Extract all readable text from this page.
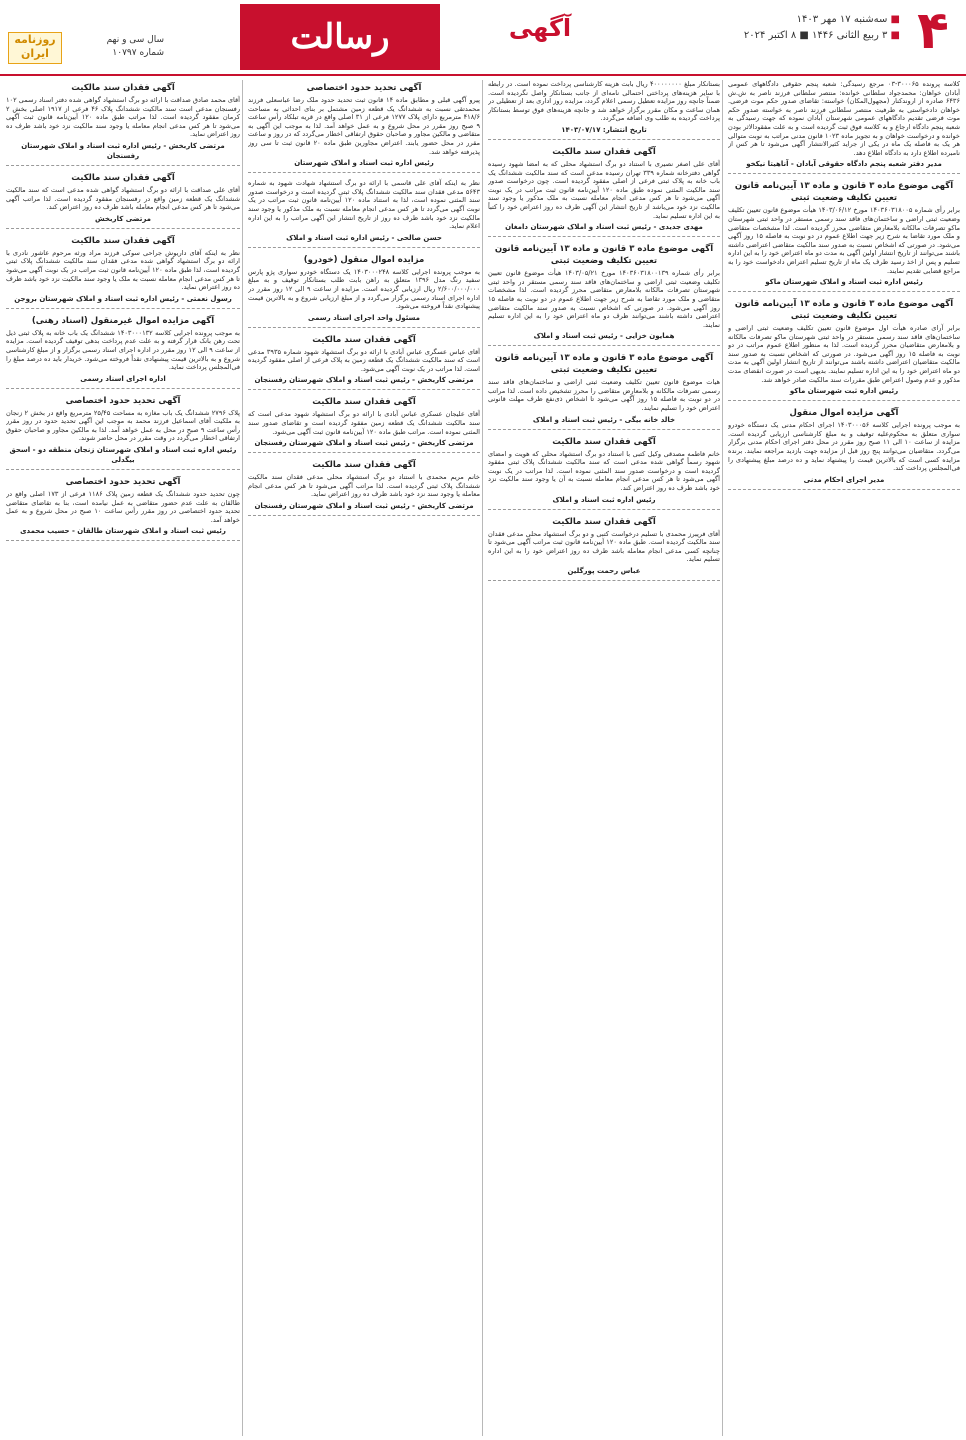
۴
■ سه‌شنبه ۱۷ مهر ۱۴۰۳
■ ۳ ربیع الثانی ۱۴۴۶ ■ ۸ اکتبر ۲۰۲۴
آگهی
رسالت
روزنامه ایران
سال سی و نهم
شماره ۱۰۷۹۷

کلاسه پرونده ۳۰۰۰۶۵-۰۳ مرجع رسیدگی: شعبه پنجم حقوقی دادگاههای عمومی آبادان خواهان: محمدجواد سلطانی خوانده: منتصر سلطانی فرزند ناصر به ش.ش ۶۴۳۶ صادره از اروندکنار (مجهول‌المکان) خواسته: تقاضای صدور حکم موت فرضی. خواهان دادخواستی به طرفیت منتصر سلطانی فرزند ناصر به خواسته صدور حکم موت فرضی تقدیم دادگاههای عمومی شهرستان آبادان نموده که جهت رسیدگی به شعبه پنجم دادگاه ارجاع و به کلاسه فوق ثبت گردیده است و به علت مفقودالاثر بودن خوانده و درخواست خواهان و به تجویز ماده ۱۰۲۳ قانون مدنی مراتب به نوبت متوالی هر یک به فاصله یک ماه در یکی از جراید کثیرالانتشار آگهی می‌شود تا هر کس از نامبرده اطلاع دارد به دادگاه اطلاع دهد.

مدیر دفتر شعبه پنجم دادگاه حقوقی آبادان - آناهیتا نیکخو
آگهی موضوع ماده ۳ قانون و ماده ۱۳ آیین‌نامه قانون تعیین تکلیف وضعیت ثبتی

برابر رأی شماره ۱۴۰۳۶۰۳۱۸۰۰۵ مورخ ۱۴۰۳/۰۶/۱۲ هیأت موضوع قانون تعیین تکلیف وضعیت ثبتی اراضی و ساختمان‌های فاقد سند رسمی مستقر در واحد ثبتی شهرستان ماکو تصرفات مالکانه بلامعارض متقاضی محرز گردیده است. لذا مشخصات متقاضی و ملک مورد تقاضا به شرح زیر جهت اطلاع عموم در دو نوبت به فاصله ۱۵ روز آگهی می‌شود. در صورتی که اشخاص نسبت به صدور سند مالکیت متقاضی اعتراضی داشته باشند می‌توانند از تاریخ انتشار اولین آگهی به مدت دو ماه اعتراض خود را به این اداره تسلیم و پس از اخذ رسید ظرف یک ماه از تاریخ تسلیم اعتراض دادخواست خود را به مراجع قضایی تقدیم نمایند.

رئیس اداره ثبت اسناد و املاک شهرستان ماکو
آگهی موضوع ماده ۳ قانون و ماده ۱۳ آیین‌نامه قانون تعیین تکلیف وضعیت ثبتی

برابر آرای صادره هیأت اول موضوع قانون تعیین تکلیف وضعیت ثبتی اراضی و ساختمان‌های فاقد سند رسمی مستقر در واحد ثبتی شهرستان ماکو تصرفات مالکانه و بلامعارض متقاضیان محرز گردیده است. لذا به منظور اطلاع عموم مراتب در دو نوبت به فاصله ۱۵ روز آگهی می‌شود. در صورتی که اشخاص نسبت به صدور سند مالکیت متقاضیان اعتراضی داشته باشند می‌توانند از تاریخ انتشار اولین آگهی به مدت دو ماه اعتراض خود را به این اداره تسلیم نمایند. بدیهی است در صورت انقضای مدت مذکور و عدم وصول اعتراض طبق مقررات سند مالکیت صادر خواهد شد.

رئیس اداره ثبت شهرستان ماکو
آگهی مزایده اموال منقول

به موجب پرونده اجرایی کلاسه ۱۴۰۳۰۰۰۵۶ اجرای احکام مدنی یک دستگاه خودرو سواری متعلق به محکوم‌علیه توقیف و به مبلغ کارشناسی ارزیابی گردیده است. مزایده از ساعت ۱۰ الی ۱۱ صبح روز مقرر در محل دفتر اجرای احکام مدنی برگزار می‌گردد. متقاضیان می‌توانند پنج روز قبل از مزایده جهت بازدید مراجعه نمایند. برنده مزایده کسی است که بالاترین قیمت را پیشنهاد نماید و ده درصد مبلغ پیشنهادی را فی‌المجلس پرداخت کند.

مدیر اجرای احکام مدنی

بستانکار مبلغ ۴۰۰۰۰۰۰۰۰ ریال بابت هزینه کارشناسی پرداخت نموده است. در رابطه با سایر هزینه‌های پرداختی احتمالی نامه‌ای از جانب بستانکار واصل نگردیده است. ضمناً جانچه روز مزایده تعطیل رسمی اعلام گردد، مزایده روز اداری بعد از تعطیلی در همان ساعت و مکان مقرر برگزار خواهد شد و جانچه هزینه‌های فوق توسط بستانکار پرداخت گردیده به طلب وی اضافه می‌گردد.

تاریخ انتشار: ۱۴۰۳/۰۷/۱۷
آگهی فقدان سند مالکیت

آقای علی اصغر نصیری با استناد دو برگ استشهاد محلی که به امضا شهود رسیده گواهی دفترخانه شماره ۳۳۹ تهران رسیده مدعی است که سند مالکیت ششدانگ یک باب خانه به پلاک ثبتی فرعی از اصلی مفقود گردیده است. چون درخواست صدور سند مالکیت المثنی نموده طبق ماده ۱۲۰ آیین‌نامه قانون ثبت مراتب در یک نوبت آگهی می‌شود تا هر کس مدعی انجام معامله نسبت به ملک مذکور یا وجود سند مالکیت نزد خود می‌باشد از تاریخ انتشار این آگهی ظرف ده روز اعتراض خود را کتباً به این اداره تسلیم نماید.

مهدی جدیدی - رئیس ثبت اسناد و املاک شهرستان دامغان
آگهی موضوع ماده ۳ قانون و ماده ۱۳ آیین‌نامه قانون تعیین تکلیف وضعیت ثبتی

برابر رأی شماره ۱۴۰۳۶۰۳۱۸۰۰۱۳۹ مورخ ۱۴۰۳/۰۵/۲۱ هیأت موضوع قانون تعیین تکلیف وضعیت ثبتی اراضی و ساختمان‌های فاقد سند رسمی مستقر در واحد ثبتی شهرستان تصرفات مالکانه بلامعارض متقاضی محرز گردیده است. لذا مشخصات متقاضی و ملک مورد تقاضا به شرح زیر جهت اطلاع عموم در دو نوبت به فاصله ۱۵ روز آگهی می‌شود. در صورتی که اشخاص نسبت به صدور سند مالکیت متقاضی اعتراضی داشته باشند می‌توانند ظرف دو ماه اعتراض خود را به این اداره تسلیم نمایند.

همایون خزایی - رئیس ثبت اسناد و املاک
آگهی موضوع ماده ۳ قانون و ماده ۱۳ آیین‌نامه قانون تعیین تکلیف وضعیت ثبتی

هیات موضوع قانون تعیین تکلیف وضعیت ثبتی اراضی و ساختمان‌های فاقد سند رسمی تصرفات مالکانه و بلامعارض متقاضی را محرز تشخیص داده است. لذا مراتب در دو نوبت به فاصله ۱۵ روز آگهی می‌شود تا اشخاص ذی‌نفع ظرف مهلت قانونی اعتراض خود را تسلیم نمایند.

خالد خانه بیگی - رئیس ثبت اسناد و املاک
آگهی فقدان سند مالکیت

خانم فاطمه مصدقی وکیل کتبی با استناد دو برگ استشهاد محلی که هویت و امضای شهود رسماً گواهی شده مدعی است که سند مالکیت ششدانگ پلاک ثبتی مفقود گردیده است و درخواست صدور سند المثنی نموده است. لذا مراتب در یک نوبت آگهی می‌شود تا هر کس مدعی انجام معامله نسبت به آن یا وجود سند مالکیت نزد خود باشد ظرف ده روز اعتراض کند.

رئیس اداره ثبت اسناد و املاک
آگهی فقدان سند مالکیت

آقای فریبرز محمدی با تسلیم درخواست کتبی و دو برگ استشهاد محلی مدعی فقدان سند مالکیت گردیده است. طبق ماده ۱۲۰ آیین‌نامه قانون ثبت مراتب آگهی می‌شود تا چنانچه کسی مدعی انجام معامله باشد ظرف ده روز اعتراض خود را به این اداره تسلیم نماید.

عباس رحمت پورگلین
آگهی تحدید حدود اختصاصی

پیرو آگهی قبلی و مطابق ماده ۱۴ قانون ثبت تحدید حدود ملک رضا عباسعلی فرزند محمدتقی نسبت به ششدانگ یک قطعه زمین مشتمل بر بنای احداثی به مساحت ۴۱۸/۶ مترمربع دارای پلاک ۱۲۷۷ فرعی از ۳۱ اصلی واقع در قریه تبلکاد رأس ساعت ۹ صبح روز مقرر در محل شروع و به عمل خواهد آمد. لذا به موجب این آگهی به متقاضی و مالکین مجاور و صاحبان حقوق ارتفاقی اخطار می‌گردد که در روز و ساعت مقرر در محل حضور یابند. اعتراض مجاورین طبق ماده ۲۰ قانون ثبت تا سی روز پذیرفته خواهد شد.

رئیس اداره ثبت اسناد و املاک شهرستان

نظر به اینکه آقای علی قاسمی با ارائه دو برگ استشهاد شهادت شهود به شماره ۵۶۴۳ مدعی فقدان سند مالکیت ششدانگ پلاک ثبتی گردیده است و درخواست صدور سند المثنی نموده است، لذا به استناد ماده ۱۲۰ آیین‌نامه قانون ثبت مراتب در یک نوبت آگهی می‌گردد تا هر کس مدعی انجام معامله نسبت به ملک مذکور یا وجود سند مالکیت نزد خود باشد ظرف ده روز از تاریخ انتشار این آگهی مراتب را به این اداره اعلام نماید.

حسن صالحی - رئیس اداره ثبت اسناد و املاک
مزایده اموال منقول (خودرو)

به موجب پرونده اجرایی کلاسه ۱۴۰۳۰۰۰۲۴۸ یک دستگاه خودرو سواری پژو پارس سفید رنگ مدل ۱۳۹۶ متعلق به راهن بابت طلب بستانکار توقیف و به مبلغ ۲/۶۰۰/۰۰۰/۰۰۰ ریال ارزیابی گردیده است. مزایده از ساعت ۹ الی ۱۲ روز مقرر در اداره اجرای اسناد رسمی برگزار می‌گردد و از مبلغ ارزیابی شروع و به بالاترین قیمت پیشنهادی نقداً فروخته می‌شود.

مسئول واحد اجرای اسناد رسمی
آگهی فقدان سند مالکیت

آقای عباس عسگری عباس آبادی با ارائه دو برگ استشهاد شهود شماره ۳۹۳۵ مدعی است که سند مالکیت ششدانگ یک قطعه زمین به پلاک فرعی از اصلی مفقود گردیده است. لذا مراتب در یک نوبت آگهی می‌شود.

مرتضی کاربخش - رئیس ثبت اسناد و املاک شهرستان رفسنجان
آگهی فقدان سند مالکیت

آقای علیجان عسکری عباس آبادی با ارائه دو برگ استشهاد شهود مدعی است که سند مالکیت ششدانگ یک قطعه زمین مفقود گردیده است و تقاضای صدور سند المثنی نموده است. مراتب طبق ماده ۱۲۰ آیین‌نامه قانون ثبت آگهی می‌شود.

مرتضی کاربخش - رئیس ثبت اسناد و املاک شهرستان رفسنجان
آگهی فقدان سند مالکیت

خانم مریم محمدی با استناد دو برگ استشهاد محلی مدعی فقدان سند مالکیت ششدانگ پلاک ثبتی گردیده است. لذا مراتب آگهی می‌شود تا هر کس مدعی انجام معامله یا وجود سند نزد خود باشد ظرف ده روز اعتراض نماید.

مرتضی کاربخش - رئیس ثبت اسناد و املاک شهرستان رفسنجان
آگهی فقدان سند مالکیت

آقای محمد صادق صداقت با ارائه دو برگ استشهاد گواهی شده دفتر اسناد رسمی ۱۰۲ رفسنجان مدعی است سند مالکیت ششدانگ پلاک ۴۶ فرعی از ۱۹۱۷ اصلی بخش ۲ کرمان مفقود گردیده است. لذا مراتب طبق ماده ۱۲۰ آیین‌نامه قانون ثبت آگهی می‌شود تا هر کس مدعی انجام معامله یا وجود سند مالکیت نزد خود باشد ظرف ده روز اعتراض نماید.

مرتضی کاربخش - رئیس اداره ثبت اسناد و املاک شهرستان رفسنجان
آگهی فقدان سند مالکیت

آقای علی صداقت با ارائه دو برگ استشهاد گواهی شده مدعی است که سند مالکیت ششدانگ یک قطعه زمین واقع در رفسنجان مفقود گردیده است. لذا مراتب آگهی می‌شود تا هر کس مدعی انجام معامله باشد ظرف ده روز اعتراض کند.

مرتضی کاربخش
آگهی فقدان سند مالکیت

نظر به اینکه آقای داریوش جراحی سوکی فرزند مراد ورثه مرحوم عاشور نادری با ارائه دو برگ استشهاد گواهی شده مدعی فقدان سند مالکیت ششدانگ پلاک ثبتی گردیده است، لذا طبق ماده ۱۲۰ آیین‌نامه قانون ثبت مراتب در یک نوبت آگهی می‌شود تا هر کس مدعی انجام معامله نسبت به ملک یا وجود سند مالکیت نزد خود باشد ظرف ده روز اعتراض نماید.

رسول نعمتی - رئیس اداره ثبت اسناد و املاک شهرستان بروجن
آگهی مزایده اموال غیرمنقول (اسناد رهنی)

به موجب پرونده اجرایی کلاسه ۱۴۰۳۰۰۰۱۳۲ ششدانگ یک باب خانه به پلاک ثبتی ذیل تحت رهن بانک قرار گرفته و به علت عدم پرداخت بدهی توقیف گردیده است. مزایده از ساعت ۹ الی ۱۲ روز مقرر در اداره اجرای اسناد رسمی برگزار و از مبلغ کارشناسی شروع و به بالاترین قیمت پیشنهادی نقداً فروخته می‌شود. خریدار باید ده درصد مبلغ را فی‌المجلس پرداخت نماید.

اداره اجرای اسناد رسمی
آگهی تحدید حدود اختصاصی

پلاک ۲۷۹۶ ششدانگ یک باب مغازه به مساحت ۲۵/۴۵ مترمربع واقع در بخش ۲ زنجان به ملکیت آقای اسماعیل فرزند محمد به موجب این آگهی تحدید حدود در روز مقرر رأس ساعت ۹ صبح در محل به عمل خواهد آمد. لذا به مالکین مجاور و صاحبان حقوق ارتفاقی اخطار می‌گردد در وقت مقرر در محل حاضر شوند.

رئیس اداره ثبت اسناد و املاک شهرستان زنجان منطقه دو - اسحق بیگدلی
آگهی تحدید حدود اختصاصی

چون تحدید حدود ششدانگ یک قطعه زمین پلاک ۱۱۸۶ فرعی از ۱۷۳ اصلی واقع در طالقان به علت عدم حضور متقاضی به عمل نیامده است، بنا به تقاضای متقاضی تحدید حدود اختصاصی در روز مقرر رأس ساعت ۱۰ صبح در محل شروع و به عمل خواهد آمد.

رئیس ثبت اسناد و املاک شهرستان طالقان - حسیب محمدی
